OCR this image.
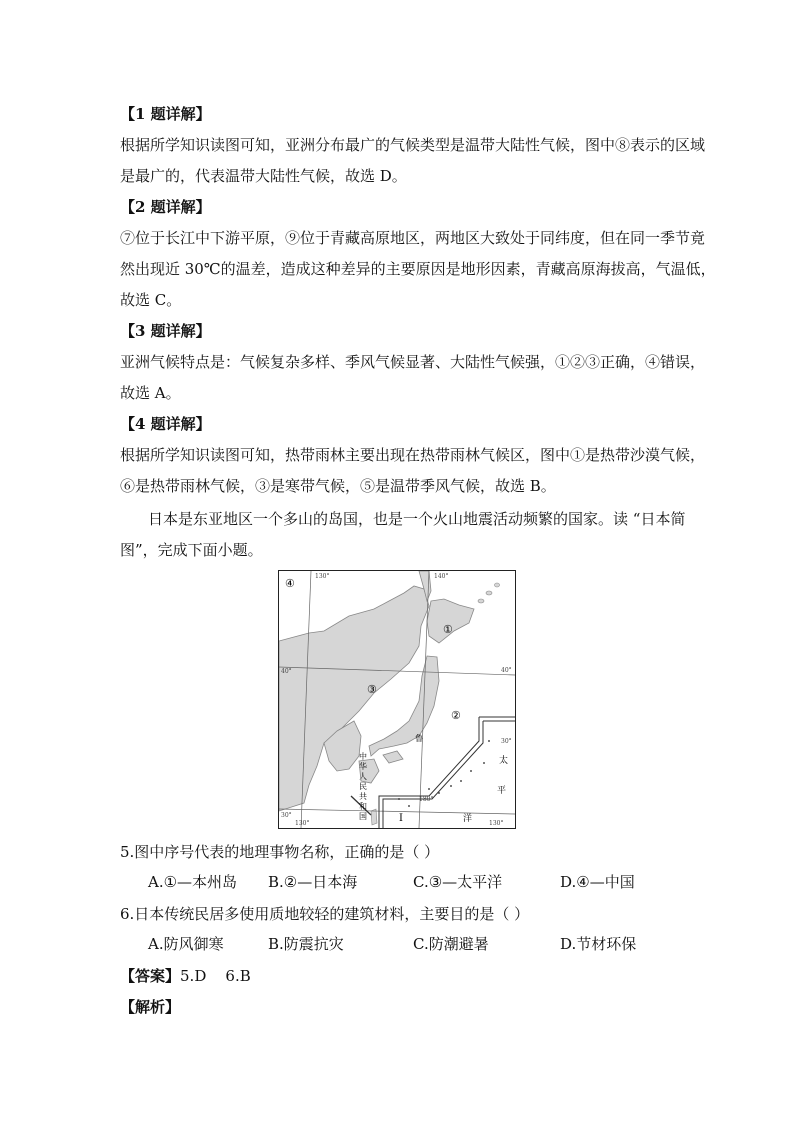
【1 题详解】
根据所学知识读图可知，亚洲分布最广的气候类型是温带大陆性气候，图中⑧表示的区域
是最广的，代表温带大陆性气候，故选 D。
【2 题详解】
⑦位于长江中下游平原，⑨位于青藏高原地区，两地区大致处于同纬度，但在同一季节竟
然出现近 30℃的温差，造成这种差异的主要原因是地形因素，青藏高原海拔高，气温低，
故选 C。
【3 题详解】
亚洲气候特点是：气候复杂多样、季风气候显著、大陆性气候强，①②③正确，④错误，
故选 A。
【4 题详解】
根据所学知识读图可知，热带雨林主要出现在热带雨林气候区，图中①是热带沙漠气候，
⑥是热带雨林气候，③是寒带气候，⑤是温带季风气候，故选 B。
日本是东亚地区一个多山的岛国，也是一个火山地震活动频繁的国家。读 “日本简
图”，完成下面小题。
④
①
②
③
130°	140°
130°
180°
130°
40°	40°
30°
30°
中
华
人
民
共
和
国
太
平
洋
鲁
I
5.图中序号代表的地理事物名称，正确的是（ ）
A.①—本州岛 B.②—日本海	C.③—太平洋	D.④—中国
6.日本传统民居多使用质地较轻的建筑材料，主要目的是（ ）
A.防风御寒	B.防震抗灾	C.防潮避暑	D.节材环保
【答案】5.D    6.B
【解析】
